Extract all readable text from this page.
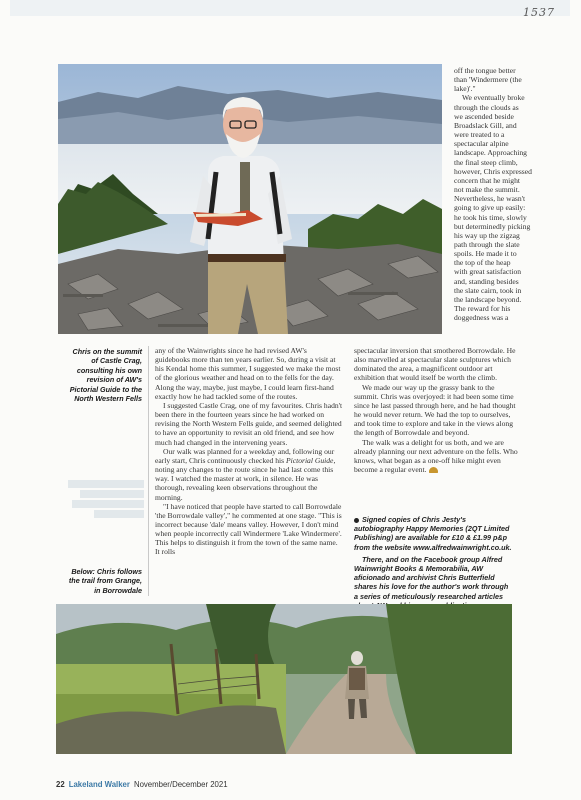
1537
Chris on the summit
of Castle Crag,
consulting his own
revision of AW's
Pictorial Guide to the
North Western Fells
Below: Chris follows
the trail from Grange,
in Borrowdale
off the tongue better
than 'Windermere (the
lake)'."
We eventually broke
through the clouds as
we ascended beside
Broadslack Gill, and
were treated to a
spectacular alpine
landscape. Approaching
the final steep climb,
however, Chris expressed
concern that he might
not make the summit.
Nevertheless, he wasn't
going to give up easily:
he took his time, slowly
but determinedly picking
his way up the zigzag
path through the slate
spoils. He made it to
the top of the heap
with great satisfaction
and, standing besides
the slate cairn, took in
the landscape beyond.
The reward for his
doggedness was a

any of the Wainwrights since he had revised AW's guidebooks more than ten years earlier. So, during a visit at his Kendal home this summer, I suggested we make the most of the glorious weather and head on to the fells for the day. Along the way, maybe, just maybe, I could learn first-hand exactly how he had tackled some of the routes.

I suggested Castle Crag, one of my favourites. Chris hadn't been there in the fourteen years since he had worked on revising the North Western Fells guide, and seemed delighted to have an opportunity to revisit an old friend, and see how much had changed in the intervening years.

Our walk was planned for a weekday and, following our early start, Chris continuously checked his Pictorial Guide, noting any changes to the route since he had last come this way. I watched the master at work, in silence. He was thorough, revealing keen observations throughout the morning.

"I have noticed that people have started to call Borrowdale 'the Borrowdale valley'," he commented at one stage. "This is incorrect because 'dale' means valley. However, I don't mind when people incorrectly call Windermere 'Lake Windermere'. This helps to distinguish it from the town of the same name. It rolls

spectacular inversion that smothered Borrowdale. He also marvelled at spectacular slate sculptures which dominated the area, a magnificent outdoor art exhibition that would itself be worth the climb.

We made our way up the grassy bank to the summit. Chris was overjoyed: it had been some time since he last passed through here, and he had thought he would never return. We had the top to ourselves, and took time to explore and take in the views along the length of Borrowdale and beyond.

The walk was a delight for us both, and we are already planning our next adventure on the fells. Who knows, what began as a one-off hike might even become a regular event.

Signed copies of Chris Jesty's autobiography Happy Memories (2QT Limited Publishing) are available for £10 & £1.99 p&p from the website www.alfredwainwright.co.uk.

There, and on the Facebook group Alfred Wainwright Books & Memorabilia, AW aficionado and archivist Chris Butterfield shares his love for the author's work through a series of meticulously researched articles

22 Lakeland Walker November/December 2021
